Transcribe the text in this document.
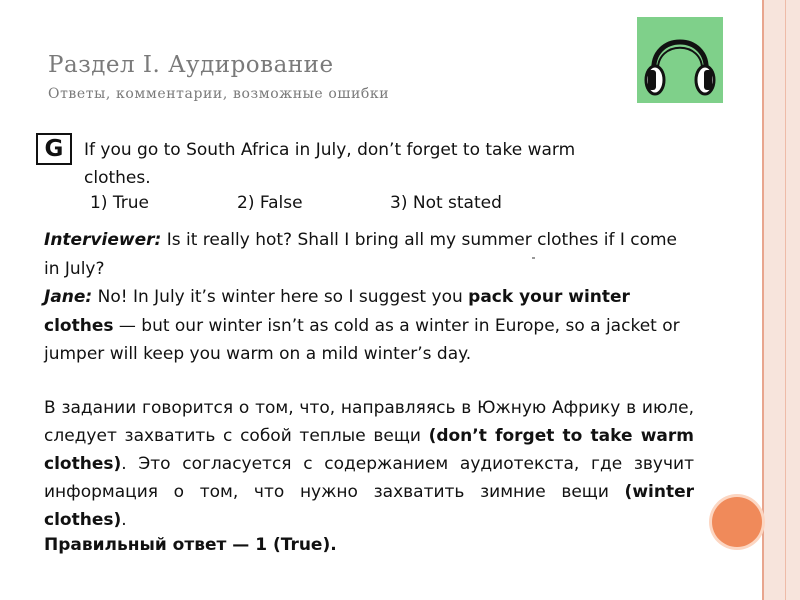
Раздел I. Аудирование
Ответы, комментарии, возможные ошибки
G	If you go to South Africa in July, don’t forget to take warm clothes.
1) True	2) False	3) Not stated

Interviewer: Is it really hot? Shall I bring all my summer clothes if I come in July?

Jane: No! In July it’s winter here so I suggest you pack your winter clothes — but our winter isn’t as cold as a winter in Europe, so a jacket or jumper will keep you warm on a mild winter’s day.

В задании говорится о том, что, направляясь в Южную Африку в июле, следует захватить с собой теплые вещи (don’t forget to take warm clothes). Это согласуется с содержанием аудиотекста, где звучит информация о том, что нужно захватить зимние вещи (winter clothes).
Правильный ответ — 1 (True).
